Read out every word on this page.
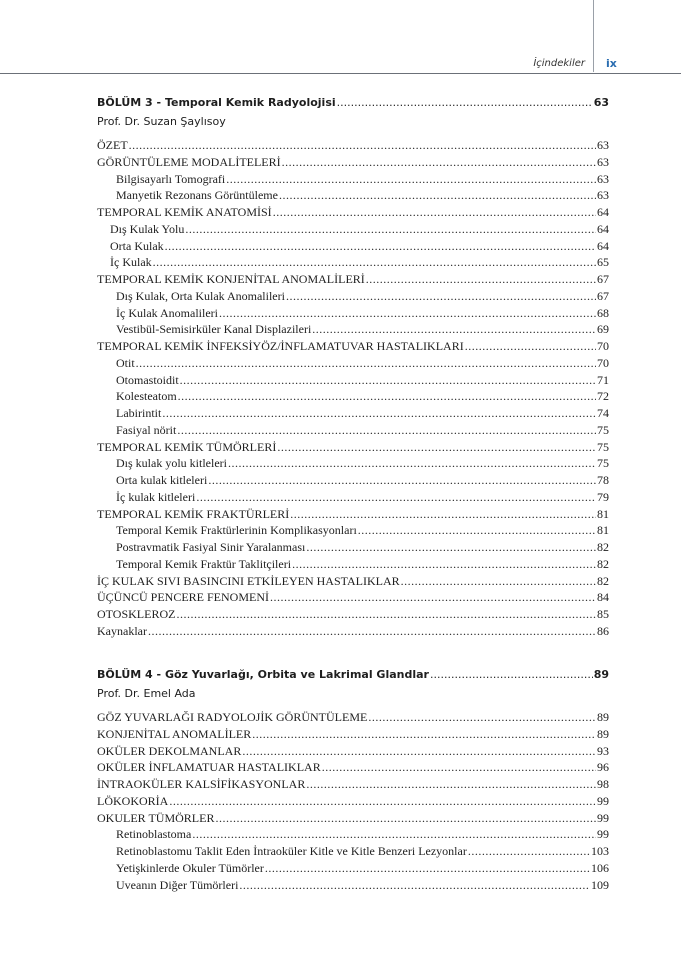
İçindekiler ix
BÖLÜM 3 - Temporal Kemik Radyolojisi .....	63
Prof. Dr. Suzan Şaylısoy
ÖZET .....	63
GÖRÜNTÜLEME MODALİTELERİ .....	63
Bilgisayarlı Tomografi .....	63
Manyetik Rezonans Görüntüleme .....	63
TEMPORAL KEMİK ANATOMİSİ .....	64
Dış Kulak Yolu .....	64
Orta Kulak .....	64
İç Kulak .....	65
TEMPORAL KEMİK KONJENİTAL ANOMALİLERİ .....	67
Dış Kulak, Orta Kulak Anomalileri .....	67
İç Kulak Anomalileri .....	68
Vestibül-Semisirküler Kanal Displazileri .....	69
TEMPORAL KEMİK İNFEKSİYÖZ/İNFLAMATUVAR HASTALIKLARI .....	70
Otit .....	70
Otomastoidit .....	71
Kolesteatom .....	72
Labirintit .....	74
Fasiyal nörit .....	75
TEMPORAL KEMİK TÜMÖRLERİ .....	75
Dış kulak yolu kitleleri .....	75
Orta kulak kitleleri .....	78
İç kulak kitleleri .....	79
TEMPORAL KEMİK FRAKTÜRLERİ .....	81
Temporal Kemik Fraktürlerinin Komplikasyonları .....	81
Postravmatik Fasiyal Sinir Yaralanması .....	82
Temporal Kemik Fraktür Taklitçileri .....	82
İÇ KULAK SIVI BASINCINI ETKİLEYEN HASTALIKLAR .....	82
ÜÇÜNCÜ PENCERE FENOMENİ .....	84
OTOSKLEROZ .....	85
Kaynaklar .....	86
BÖLÜM 4 - Göz Yuvarlağı, Orbita ve Lakrimal Glandlar .....	89
Prof. Dr. Emel Ada
GÖZ YUVARLAĞI RADYOLOJİK GÖRÜNTÜLEME .....	89
KONJENİTAL ANOMALİLER .....	89
OKÜLER DEKOLMANLAR .....	93
OKÜLER İNFLAMATUAR HASTALIKLAR .....	96
İNTRAOKÜLER KALSİFİKASYONLAR .....	98
LÖKOKORİA .....	99
OKULER TÜMÖRLER .....	99
Retinoblastoma .....	99
Retinoblastomu Taklit Eden İntraoküler Kitle ve Kitle Benzeri Lezyonlar .....	103
Yetişkinlerde Okuler Tümörler .....	106
Uveanın Diğer Tümörleri .....	109
